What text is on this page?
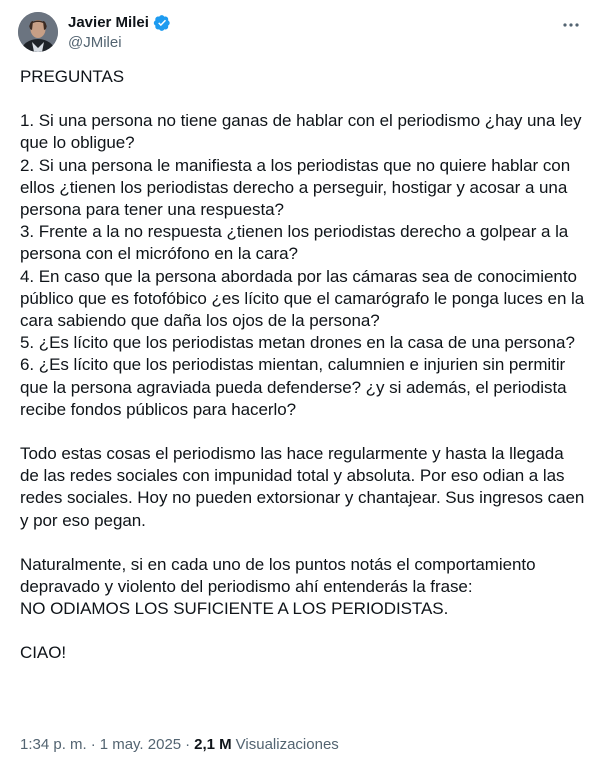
Javier Milei
@JMilei

PREGUNTAS

1. Si una persona no tiene ganas de hablar con el periodismo ¿hay una ley que lo obligue?

2. Si una persona le manifiesta a los periodistas que no quiere hablar con ellos ¿tienen los periodistas derecho a perseguir, hostigar y acosar a una persona para tener una respuesta?

3. Frente a la no respuesta ¿tienen los periodistas derecho a golpear a la persona con el micrófono en la cara?

4. En caso que la persona abordada por las cámaras sea de conocimiento público que es fotofóbico ¿es lícito que el camarógrafo le ponga luces en la cara sabiendo que daña los ojos de la persona?

5. ¿Es lícito que los periodistas metan drones en la casa de una persona?

6. ¿Es lícito que los periodistas mientan, calumnien e injurien sin permitir que la persona agraviada pueda defenderse? ¿y si además, el periodista recibe fondos públicos para hacerlo?

Todo estas cosas el periodismo las hace regularmente y hasta la llegada de las redes sociales con impunidad total y absoluta. Por eso odian a las redes sociales. Hoy no pueden extorsionar y chantajear. Sus ingresos caen y por eso pegan.

Naturalmente, si en cada uno de los puntos notás el comportamiento depravado y violento del periodismo ahí entenderás la frase:

NO ODIAMOS LOS SUFICIENTE A LOS PERIODISTAS.

CIAO!

1:34 p. m. · 1 may. 2025 · 2,1 M Visualizaciones
